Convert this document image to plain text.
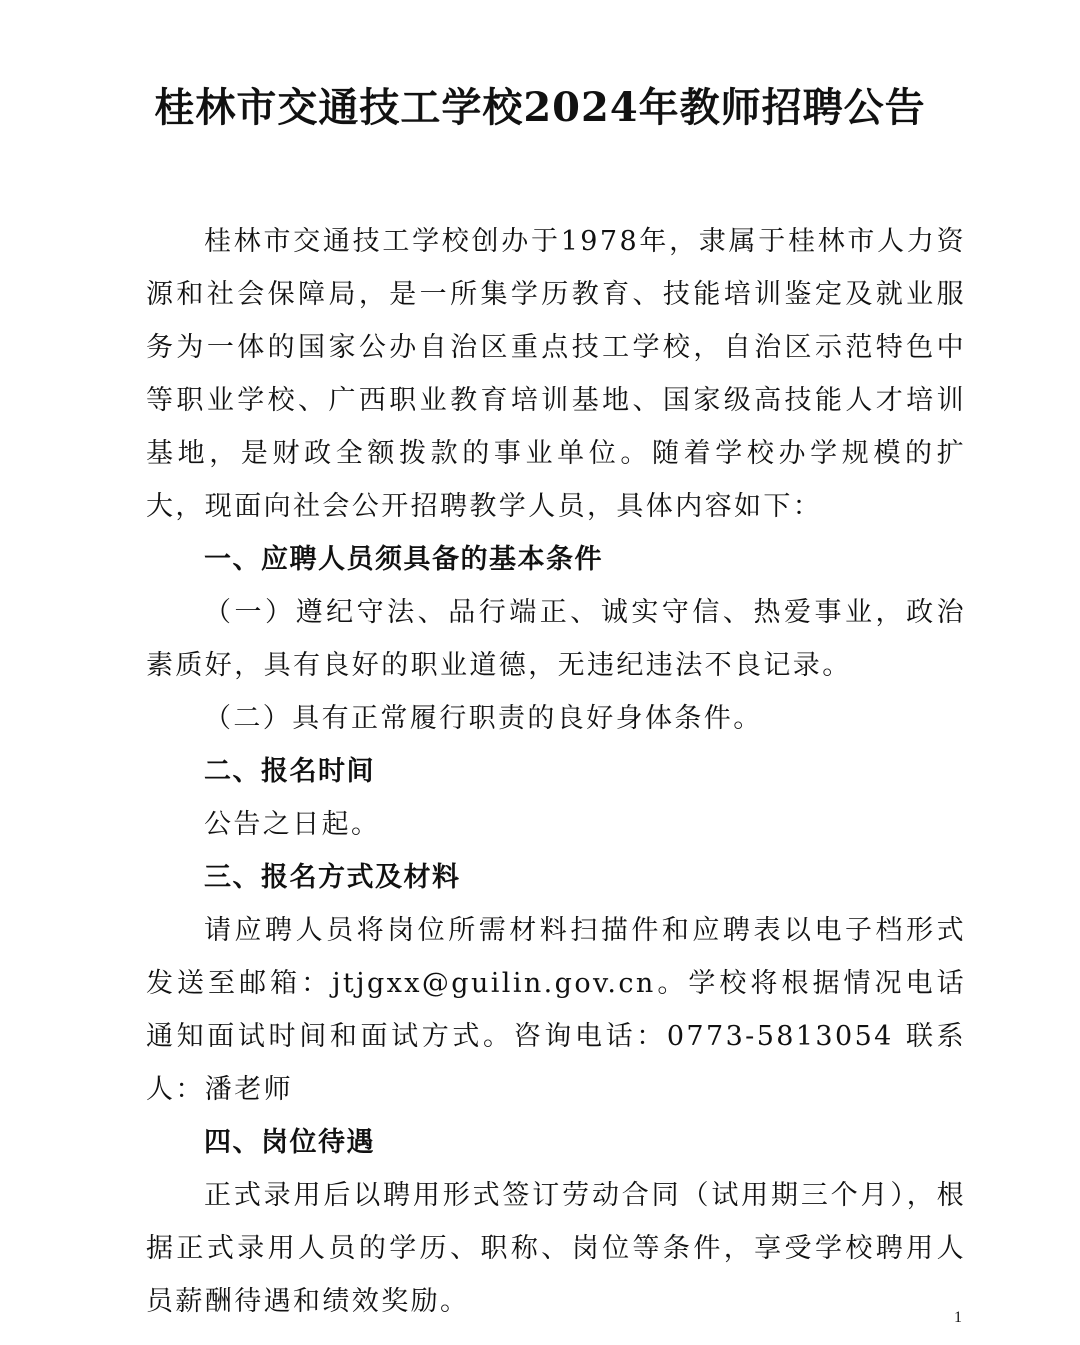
桂林市交通技工学校2024年教师招聘公告

桂林市交通技工学校创办于1978年，隶属于桂林市人力资源和社会保障局，是一所集学历教育、技能培训鉴定及就业服务为一体的国家公办自治区重点技工学校，自治区示范特色中等职业学校、广西职业教育培训基地、国家级高技能人才培训基地，是财政全额拨款的事业单位。随着学校办学规模的扩大，现面向社会公开招聘教学人员，具体内容如下：

一、应聘人员须具备的基本条件

（一）遵纪守法、品行端正、诚实守信、热爱事业，政治素质好，具有良好的职业道德，无违纪违法不良记录。

（二）具有正常履行职责的良好身体条件。

二、报名时间

公告之日起。

三、报名方式及材料

请应聘人员将岗位所需材料扫描件和应聘表以电子档形式发送至邮箱：jtjgxx@guilin.gov.cn。学校将根据情况电话通知面试时间和面试方式。咨询电话：0773-5813054 联系人：潘老师

四、岗位待遇

正式录用后以聘用形式签订劳动合同（试用期三个月），根据正式录用人员的学历、职称、岗位等条件，享受学校聘用人员薪酬待遇和绩效奖励。

1
